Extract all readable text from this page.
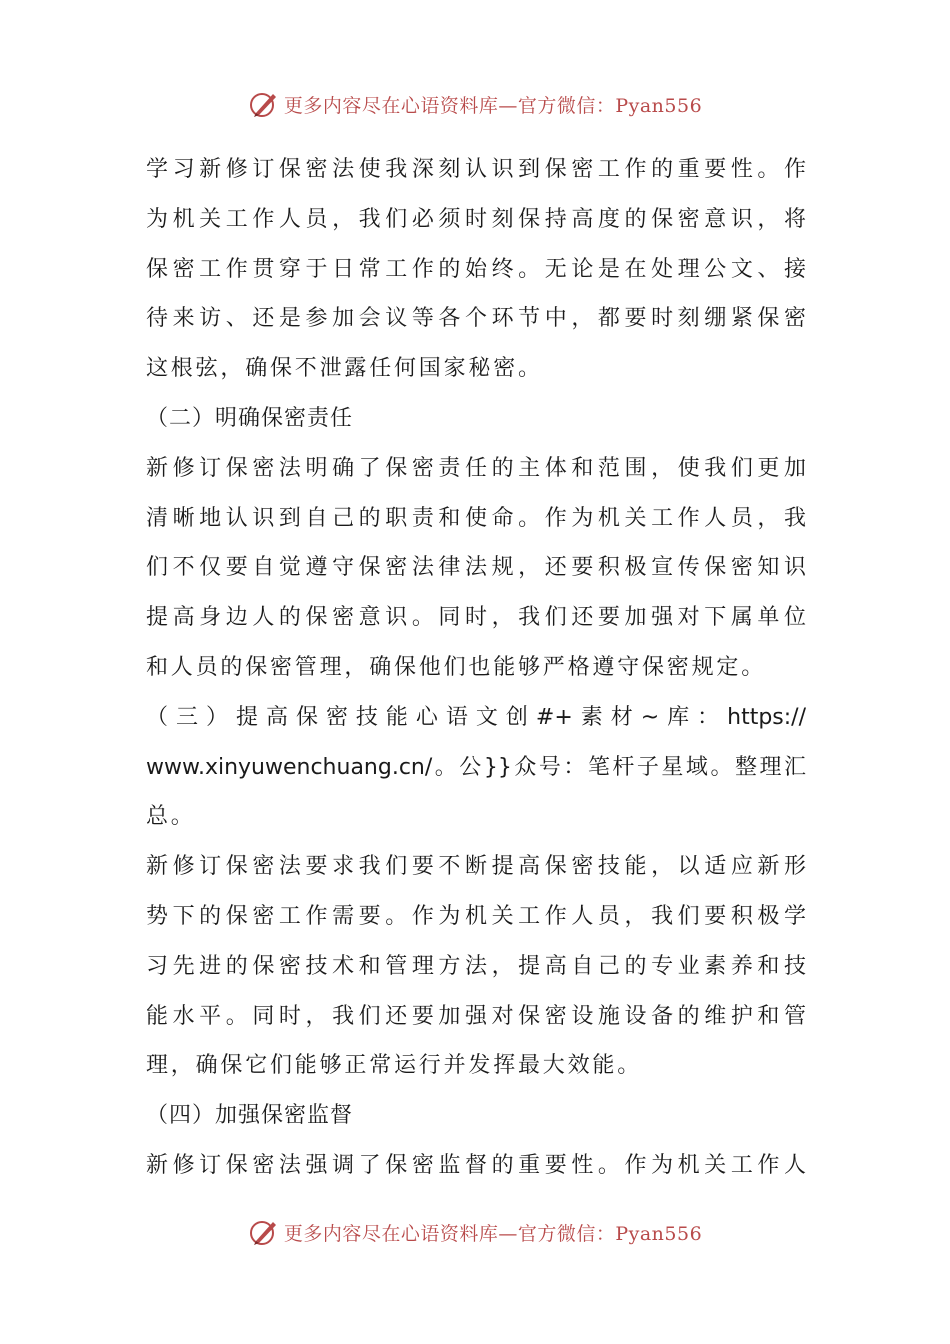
更多内容尽在心语资料库—官方微信：Pyan556
学习新修订保密法使我深刻认识到保密工作的重要性。作
为机关工作人员，我们必须时刻保持高度的保密意识，将
保密工作贯穿于日常工作的始终。无论是在处理公文、接
待来访、还是参加会议等各个环节中，都要时刻绷紧保密
这根弦，确保不泄露任何国家秘密。
（二）明确保密责任
新修订保密法明确了保密责任的主体和范围，使我们更加
清晰地认识到自己的职责和使命。作为机关工作人员，我
们不仅要自觉遵守保密法律法规，还要积极宣传保密知识
提高身边人的保密意识。同时，我们还要加强对下属单位
和人员的保密管理，确保他们也能够严格遵守保密规定。
（三）提高保密技能心语文创#+素材~库：https://
www.xinyuwenchuang.cn/。公}}众号：笔杆子星域。整理汇
总。
新修订保密法要求我们要不断提高保密技能，以适应新形
势下的保密工作需要。作为机关工作人员，我们要积极学
习先进的保密技术和管理方法，提高自己的专业素养和技
能水平。同时，我们还要加强对保密设施设备的维护和管
理，确保它们能够正常运行并发挥最大效能。
（四）加强保密监督
新修订保密法强调了保密监督的重要性。作为机关工作人
更多内容尽在心语资料库—官方微信：Pyan556
